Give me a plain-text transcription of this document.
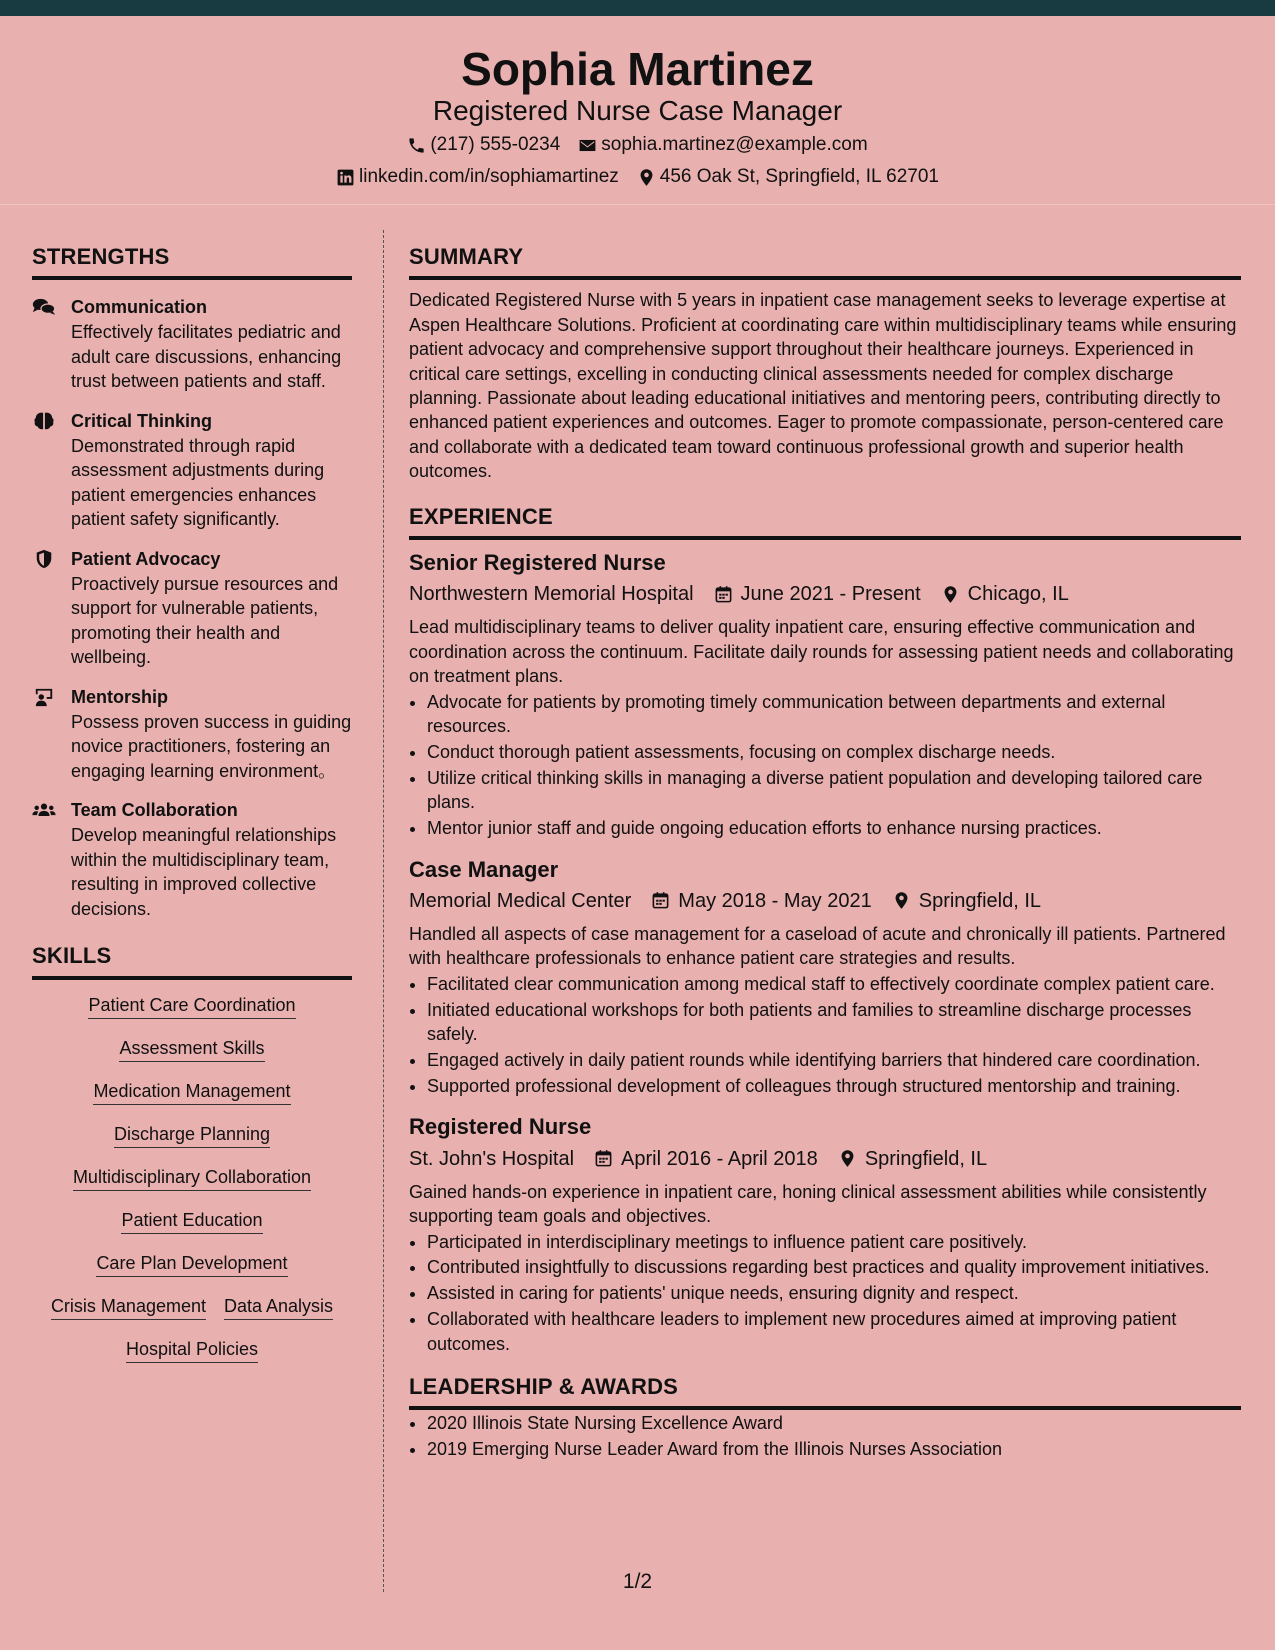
Sophia Martinez
Registered Nurse Case Manager
(217) 555-0234 sophia.martinez@example.com
linkedin.com/in/sophiamartinez 456 Oak St, Springfield, IL 62701
STRENGTHS
Communication
Effectively facilitates pediatric and adult care discussions, enhancing trust between patients and staff.
Critical Thinking
Demonstrated through rapid assessment adjustments during patient emergencies enhances patient safety significantly.
Patient Advocacy
Proactively pursue resources and support for vulnerable patients, promoting their health and wellbeing.
Mentorship
Possess proven success in guiding novice practitioners, fostering an engaging learning environment。
Team Collaboration
Develop meaningful relationships within the multidisciplinary team, resulting in improved collective decisions.
SKILLS
Patient Care Coordination
Assessment Skills
Medication Management
Discharge Planning
Multidisciplinary Collaboration
Patient Education
Care Plan Development
Crisis Management Data Analysis
Hospital Policies
SUMMARY
Dedicated Registered Nurse with 5 years in inpatient case management seeks to leverage expertise at Aspen Healthcare Solutions. Proficient at coordinating care within multidisciplinary teams while ensuring patient advocacy and comprehensive support throughout their healthcare journeys. Experienced in critical care settings, excelling in conducting clinical assessments needed for complex discharge planning. Passionate about leading educational initiatives and mentoring peers, contributing directly to enhanced patient experiences and outcomes. Eager to promote compassionate, person-centered care and collaborate with a dedicated team toward continuous professional growth and superior health outcomes.
EXPERIENCE
Senior Registered Nurse
Northwestern Memorial Hospital June 2021 - Present Chicago, IL
Lead multidisciplinary teams to deliver quality inpatient care, ensuring effective communication and coordination across the continuum. Facilitate daily rounds for assessing patient needs and collaborating on treatment plans.
• Advocate for patients by promoting timely communication between departments and external resources.
• Conduct thorough patient assessments, focusing on complex discharge needs.
• Utilize critical thinking skills in managing a diverse patient population and developing tailored care plans.
• Mentor junior staff and guide ongoing education efforts to enhance nursing practices.
Case Manager
Memorial Medical Center May 2018 - May 2021 Springfield, IL
Handled all aspects of case management for a caseload of acute and chronically ill patients. Partnered with healthcare professionals to enhance patient care strategies and results.
• Facilitated clear communication among medical staff to effectively coordinate complex patient care.
• Initiated educational workshops for both patients and families to streamline discharge processes safely.
• Engaged actively in daily patient rounds while identifying barriers that hindered care coordination.
• Supported professional development of colleagues through structured mentorship and training.
Registered Nurse
St. John's Hospital April 2016 - April 2018 Springfield, IL
Gained hands-on experience in inpatient care, honing clinical assessment abilities while consistently supporting team goals and objectives.
• Participated in interdisciplinary meetings to influence patient care positively.
• Contributed insightfully to discussions regarding best practices and quality improvement initiatives.
• Assisted in caring for patients' unique needs, ensuring dignity and respect.
• Collaborated with healthcare leaders to implement new procedures aimed at improving patient outcomes.
LEADERSHIP & AWARDS
• 2020 Illinois State Nursing Excellence Award
• 2019 Emerging Nurse Leader Award from the Illinois Nurses Association
1/2
